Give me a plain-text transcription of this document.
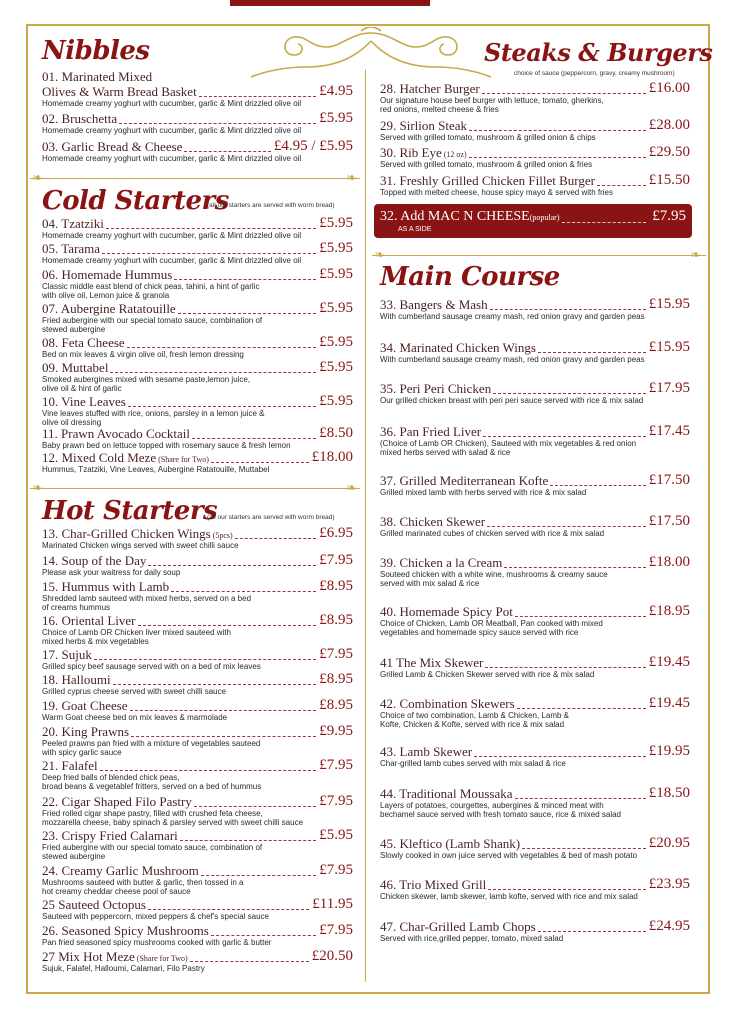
❧	❧
❧	❧
❧	❧
Nibbles
Cold Starters
(all our starters are served with worm bread)
Hot Starters
(all our starters are served with worm bread)
Steaks & Burgers
choice of sauce (peppercorn, gravy, creamy mushroom)
Main Course
01. Marinated Mixed
Olives & Warm Bread Basket	£4.95
Homemade creamy yoghurt with cucumber, garlic & Mint drizzled olive oil
02. Bruschetta	£5.95
Homemade creamy yoghurt with cucumber, garlic & Mint drizzled olive oil
03. Garlic Bread & Cheese	£4.95 / £5.95
Homemade creamy yoghurt with cucumber, garlic & Mint drizzled olive oil
04. Tzatziki	£5.95
Homemade creamy yoghurt with cucumber, garlic & Mint drizzled olive oil
05. Tarama	£5.95
Homemade creamy yoghurt with cucumber, garlic & Mint drizzled olive oil
06. Homemade Hummus	£5.95
Classic middle east blend of chick peas, tahini, a hint of garlic
with olive oil, Lemon juice & granola
07. Aubergine Ratatouille	£5.95
Fried aubergine with our special tomato sauce, combination of
stewed aubergine
08. Feta Cheese	£5.95
Bed on mix leaves & virgin olive oil, fresh lemon dressing
09. Muttabel	£5.95
Smoked aubergines mixed with sesame paste,lemon juice,
olive oil & hint of garlic
10. Vine Leaves	£5.95
Vine leaves stuffed with rice, onions, parsley in a lemon juice &
olive oil dressing
11. Prawn Avocado Cocktail	£8.50
Baby prawn bed on lettuce topped with rosemary sauce & fresh lemon
12. Mixed Cold Meze (Share for Two)	£18.00
Hummus, Tzatziki, Vine Leaves, Aubergine Ratatouille, Muttabel
13. Char-Grilled Chicken Wings (5pcs)	£6.95
Marinated Chicken wings served with sweet chilli sauce
14. Soup of the Day	£7.95
Please ask your waitress for daily soup
15. Hummus with Lamb	£8.95
Shredded lamb sauteed with mixed herbs, served on a bed
of creams hummus
16. Oriental Liver	£8.95
Choice of Lamb OR Chicken liver mixed sauteed with
mixed herbs & mix vegetables
17. Sujuk	£7.95
Grilled spicy beef sausage served with on a bed of mix leaves
18. Halloumi	£8.95
Grilled cyprus cheese served with sweet chilli sauce
19. Goat Cheese	£8.95
Warm Goat cheese bed on mix leaves & marmolade
20. King Prawns	£9.95
Peeled prawns pan fried with a mixture of vegetables sauteed
with spicy garlic sauce
21. Falafel	£7.95
Deep fried balls of blended chick peas,
broad beans & vegetablef fritters, served on a bed of hummus
22. Cigar Shaped Filo Pastry	£7.95
Fried rolled cigar shape pastry, filled with crushed feta cheese,
mozzarella cheese, baby spinach & parsley served with sweet chilli sauce
23. Crispy Fried Calamari	£5.95
Fried aubergine with our special tomato sauce, combination of
stewed aubergine
24. Creamy Garlic Mushroom	£7.95
Mushrooms sauteed with butter & garlic, then tossed in a
hot creamy cheddar cheese pool of sauce
25 Sauteed Octopus	£11.95
Sauteed with peppercorn, mixed peppers & chef's special sauce
26. Seasoned Spicy Mushrooms	£7.95
Pan fried seasoned spicy mushrooms cooked with garlic & butter
27 Mix Hot Meze (Share for Two)	£20.50
Sujuk, Falafel, Halloumi, Calamari, Filo Pastry
28. Hatcher Burger	£16.00
Our signature house beef burger with lettuce, tomato, gherkins,
red onions, melted cheese & fries
29. Sirlion Steak	£28.00
Served with grilled tomato, mushroom & grilled onion & chips
30. Rib Eye (12 oz)	£29.50
Served with grilled tomato, mushroom & grilled onion & fries
31. Freshly Grilled Chicken Fillet Burger	£15.50
Topped with melted cheese, house spicy mayo & served with fries
33. Bangers & Mash	£15.95
With cumberland sausage creamy mash, red onion gravy and garden peas
34. Marinated Chicken Wings	£15.95
With cumberland sausage creamy mash, red onion gravy and garden peas
35. Peri Peri Chicken	£17.95
Our grilled chicken breast with peri peri sauce served with rice & mix salad
36. Pan Fried Liver	£17.45
(Choice of Lamb OR Chicken), Sauteed with mix vegetables & red onion
mixed herbs served with salad & rice
37. Grilled Mediterranean Kofte	£17.50
Grilled mixed lamb with herbs served with rice & mix salad
38. Chicken Skewer	£17.50
Grilled marinated cubes of chicken served with rice & mix salad
39. Chicken a la Cream	£18.00
Souteed chicken with a white wine, mushrooms & creamy sauce
served with mix salad & rice
40. Homemade Spicy Pot	£18.95
Choice of Chicken, Lamb OR Meatball, Pan cooked with mixed
vegetables and homemade spicy sauce served with rice
41 The Mix Skewer	£19.45
Grilled Lamb & Chicken Skewer served with rice & mix salad
42. Combination Skewers	£19.45
Choice of two combination, Lamb & Chicken, Lamb &
Kofte, Chicken & Kofte, served with rice & mix salad
43. Lamb Skewer	£19.95
Char-grilled lamb cubes served with mix salad & rice
44. Traditional Moussaka	£18.50
Layers of potatoes, courgettes, aubergines & minced meat with
bechamel sauce served with fresh tomato sauce, rice & mixed salad
45. Kleftico (Lamb Shank)	£20.95
Slowly cooked in own juice served with vegetables & bed of mash potato
46. Trio Mixed Grill	£23.95
Chicken skewer, lamb skewer, lamb kofte, served with rice and mix salad
47. Char-Grilled Lamb Chops	£24.95
Served with rice,grilled pepper, tomato, mixed salad
32. Add MAC N CHEESE(popular)	£7.95
AS A SIDE
